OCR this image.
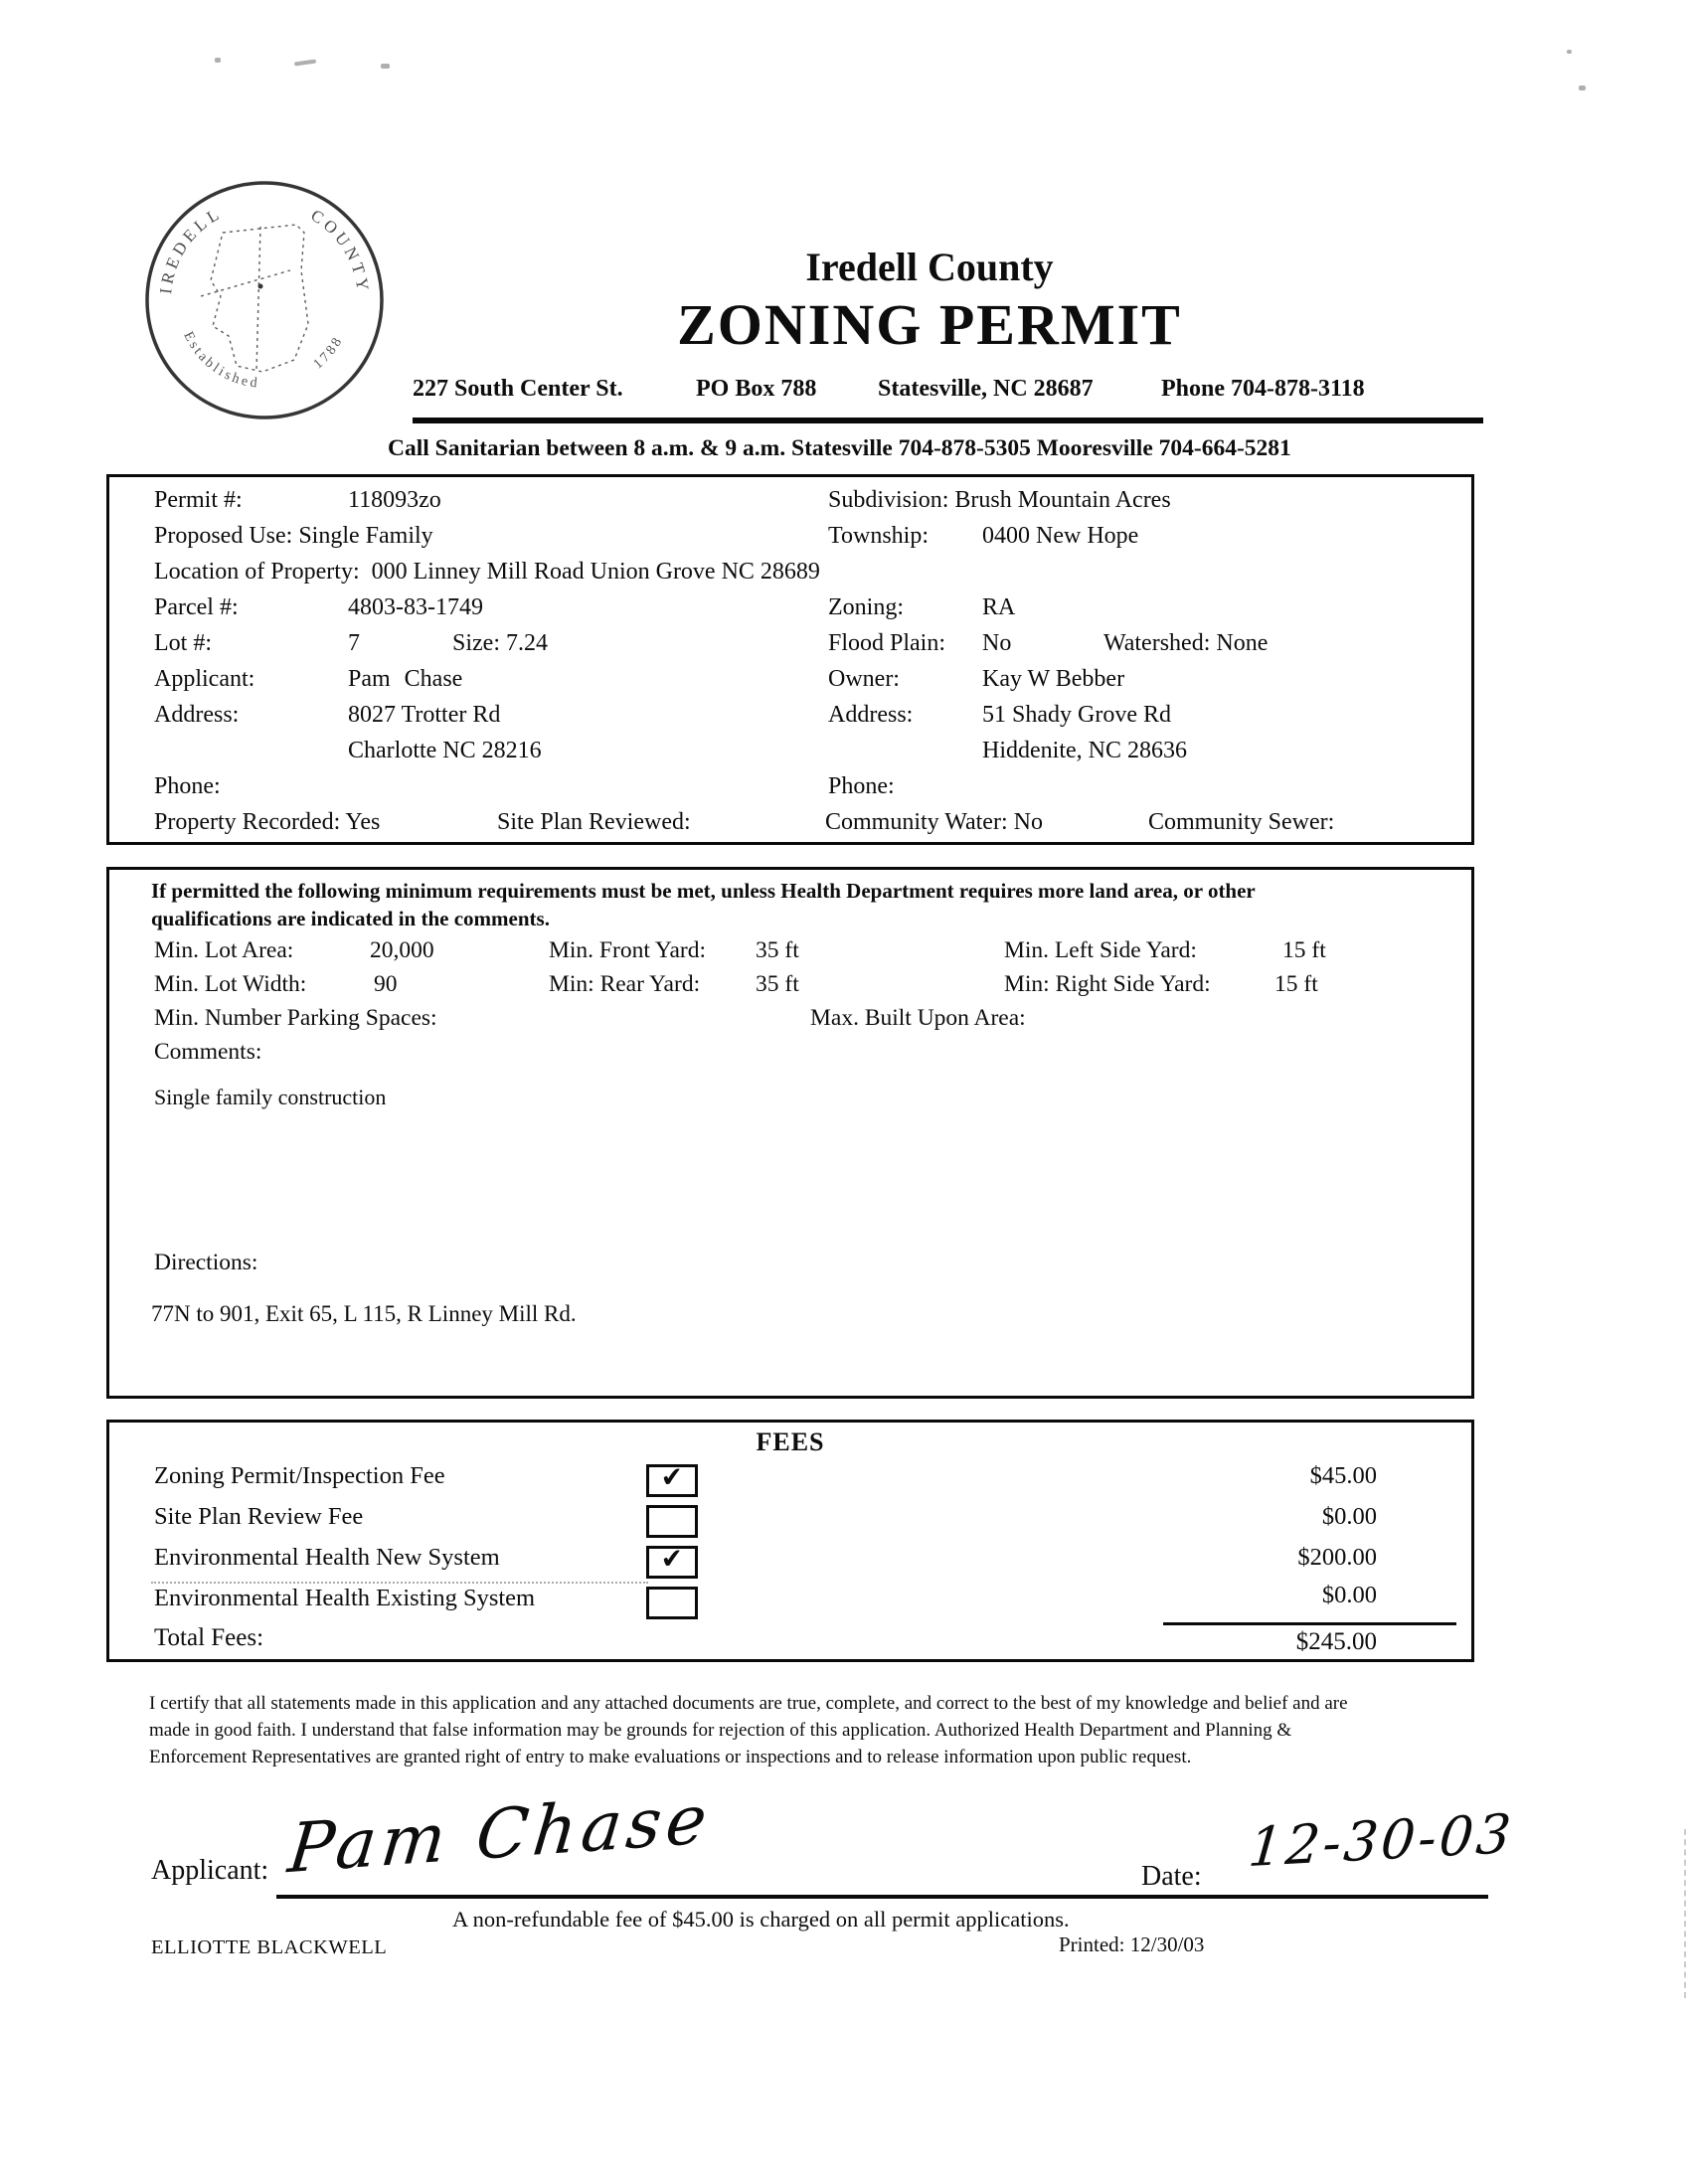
IREDELL	COUNTY
Established
1788
Iredell County
ZONING PERMIT
227 South Center St.	PO Box 788	Statesville, NC 28687	Phone 704-878-3118
Call Sanitarian between 8 a.m. & 9 a.m. Statesville 704-878-5305 Mooresville 704-664-5281
Permit #:	118093zo	Subdivision: Brush Mountain Acres
Proposed Use: Single Family	Township: 0400 New Hope
Location of Property: 000 Linney Mill Road Union Grove NC 28689
Parcel #:	4803-83-1749	Zoning:	RA
Lot #:	7	Size: 7.24	Flood Plain: No	Watershed: None
Applicant:	Pam Chase	Owner:	Kay W Bebber
Address:	8027 Trotter Rd	Address:	51 Shady Grove Rd
Charlotte NC 28216	Hiddenite, NC 28636
Phone:	Phone:
Property Recorded: Yes	Site Plan Reviewed:	Community Water: No	Community Sewer:
If permitted the following minimum requirements must be met, unless Health Department requires more land area, or other
qualifications are indicated in the comments.
Min. Lot Area:	20,000	Min. Front Yard: 35 ft	Min. Left Side Yard:	15 ft
Min. Lot Width:	90	Min: Rear Yard: 35 ft	Min: Right Side Yard:	15 ft
Min. Number Parking Spaces:	Max. Built Upon Area:
Comments:
Single family construction
Directions:
77N to 901, Exit 65, L 115, R Linney Mill Rd.
FEES
Zoning Permit/Inspection Fee	✔	$45.00
Site Plan Review Fee	$0.00
Environmental Health New System	✔	$200.00
Environmental Health Existing System	$0.00
Total Fees:	$245.00
I certify that all statements made in this application and any attached documents are true, complete, and correct to the best of my knowledge and belief and are
made in good faith. I understand that false information may be grounds for rejection of this application. Authorized Health Department and Planning &
Enforcement Representatives are granted right of entry to make evaluations or inspections and to release information upon public request.
Applicant: Pam Chase	Date: 12-30-03
A non-refundable fee of $45.00 is charged on all permit applications.
ELLIOTTE BLACKWELL	Printed: 12/30/03
